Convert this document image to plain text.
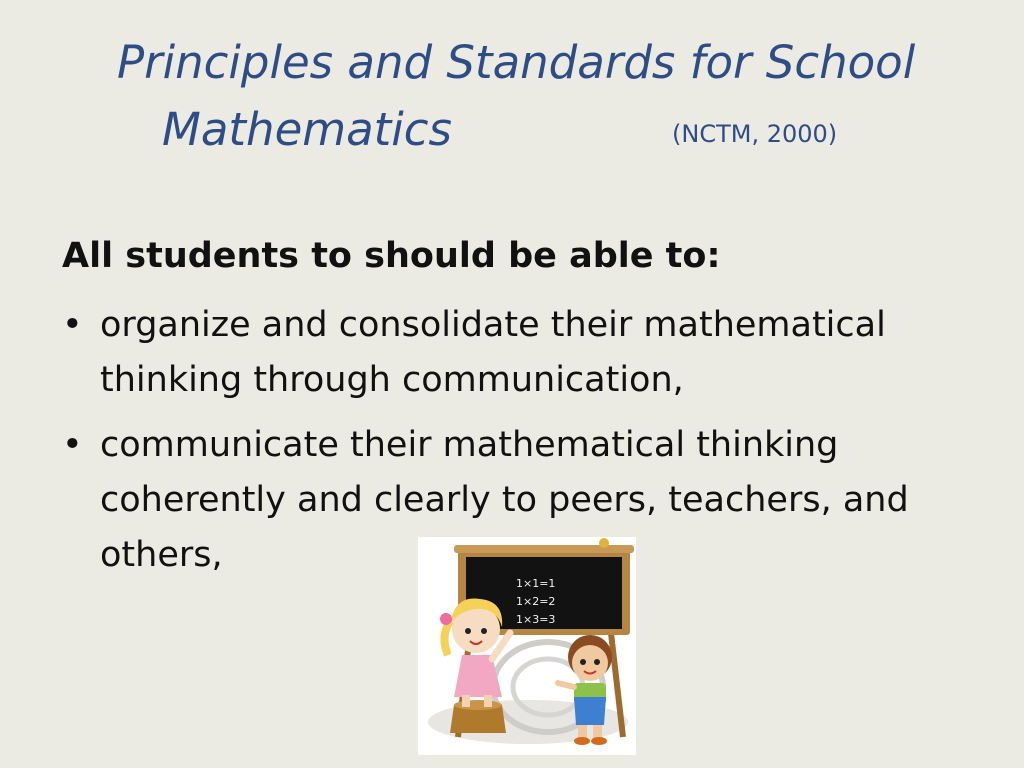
Principles and Standards for School
Mathematics	(NCTM, 2000)
All students to should be able to:
• organize and consolidate their mathematical
thinking through communication,
• communicate their mathematical thinking
coherently and clearly to peers, teachers, and
others,
1×1=1
1×2=2
1×3=3
